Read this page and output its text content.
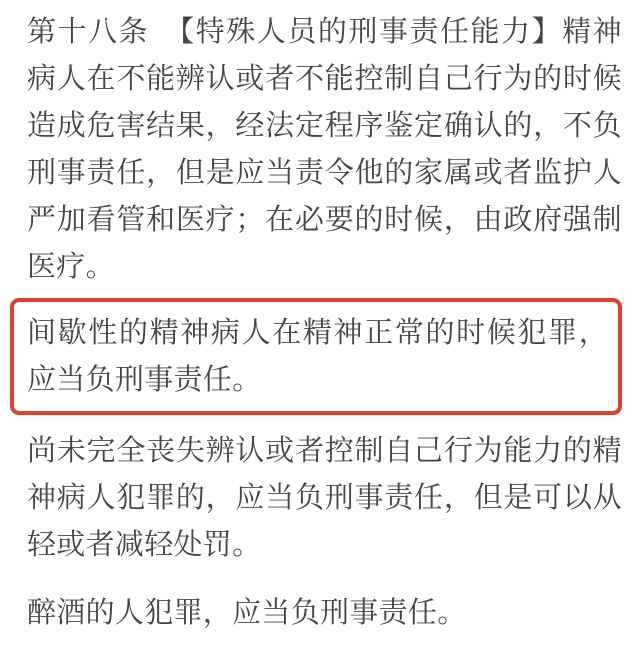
第十八条　【特殊人员的刑事责任能力】精神病人在不能辨认或者不能控制自己行为的时候造成危害结果，经法定程序鉴定确认的，不负刑事责任，但是应当责令他的家属或者监护人严加看管和医疗；在必要的时候，由政府强制医疗。

间歇性的精神病人在精神正常的时候犯罪，应当负刑事责任。

尚未完全丧失辨认或者控制自己行为能力的精神病人犯罪的，应当负刑事责任，但是可以从轻或者减轻处罚。

醉酒的人犯罪，应当负刑事责任。
